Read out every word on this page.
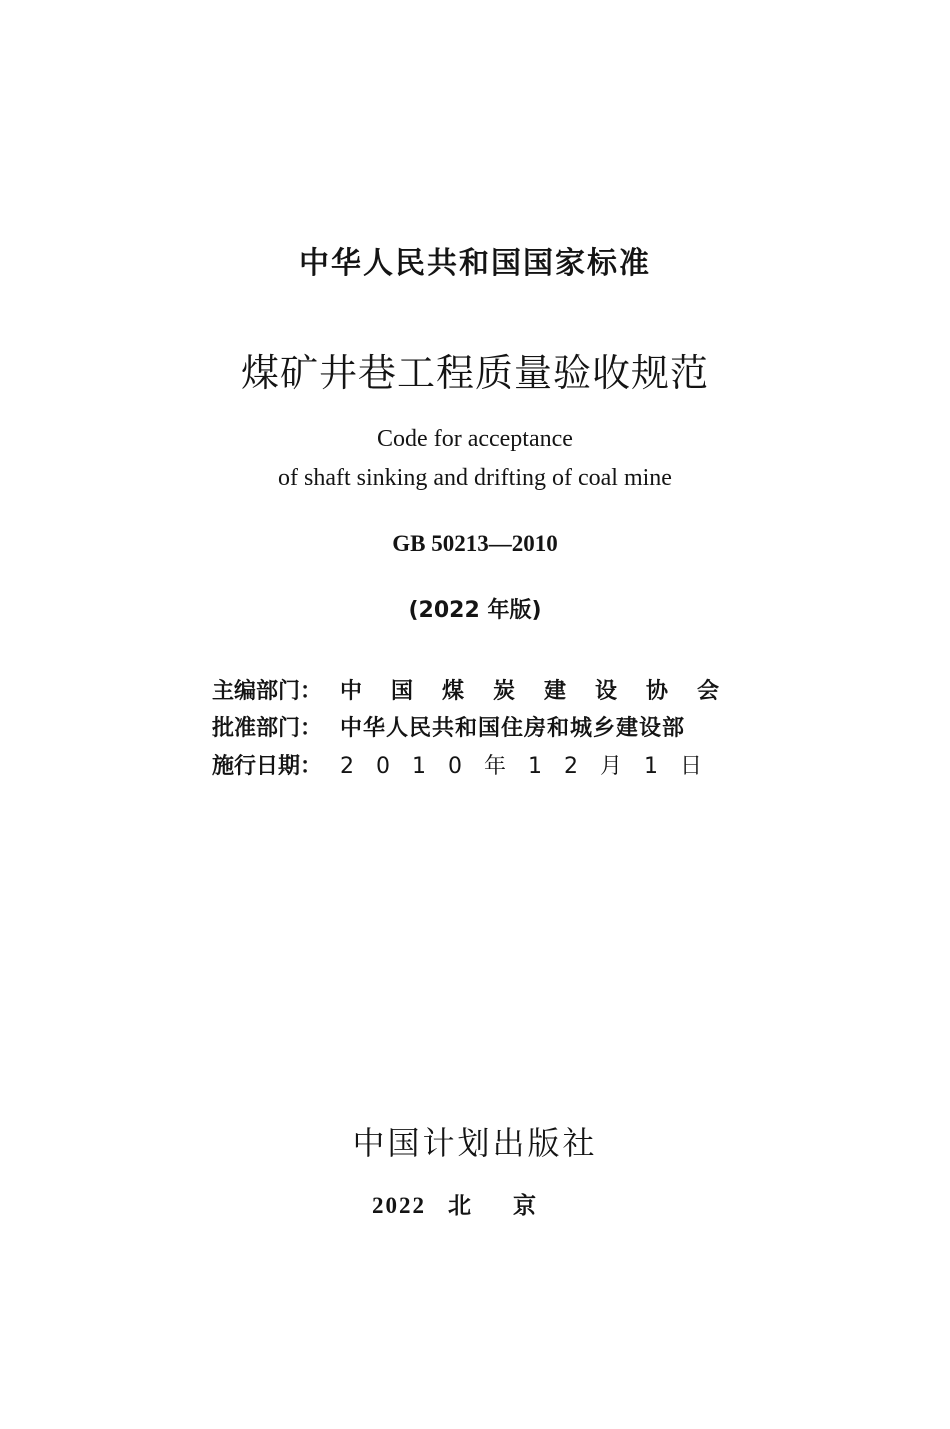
中华人民共和国国家标准
煤矿井巷工程质量验收规范
Code for acceptance
of shaft sinking and drifting of coal mine
GB 50213—2010
(2022 年版)
主编部门： 中国煤炭建设协会
批准部门： 中华人民共和国住房和城乡建设部
施行日期： 2010年12月1日
中国计划出版社
2022 北京
